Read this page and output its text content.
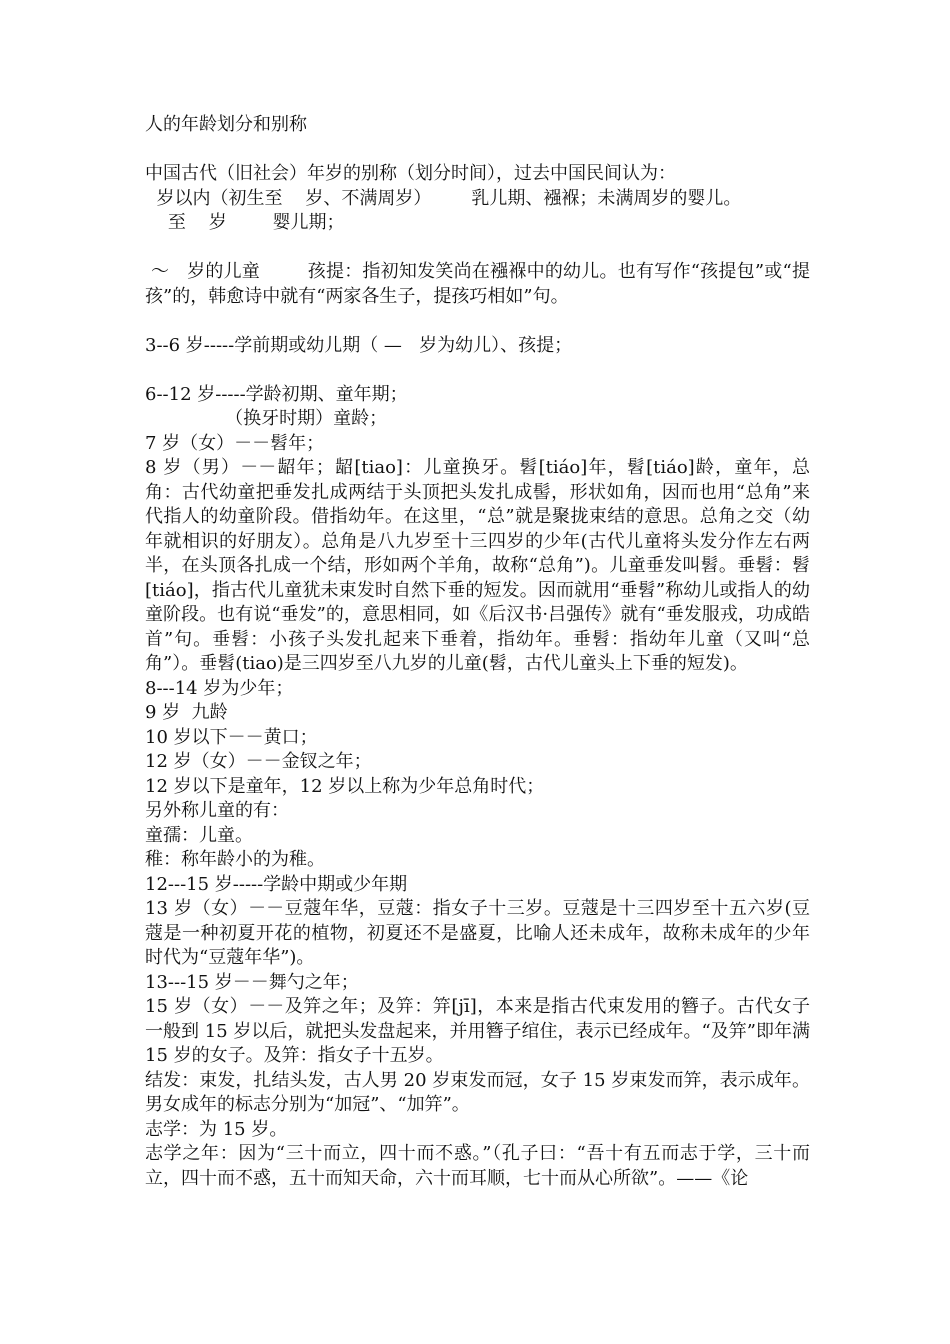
人的年龄划分和别称

中国古代（旧社会）年岁的别称（划分时间），过去中国民间认为：

岁以内（初生至    岁、不满周岁）       乳儿期、襁褓；未满周岁的婴儿。

至    岁        婴儿期；

～   岁的儿童        孩提：指初知发笑尚在襁褓中的幼儿。也有写作“孩提包”或“提孩”的，韩愈诗中就有“两家各生子，提孩巧相如”句。

3--6 岁-----学前期或幼儿期（ —   岁为幼儿）、孩提；

6--12 岁-----学龄初期、童年期；

（换牙时期）童龄；

7 岁（女）－－髫年；

8 岁（男）－－龆年；龆[tiao]：儿童换牙。髫[tiáo]年，髫[tiáo]龄，童年，总角：古代幼童把垂发扎成两结于头顶把头发扎成髻，形状如角，因而也用“总角”来代指人的幼童阶段。借指幼年。在这里，“总”就是聚拢束结的意思。总角之交（幼年就相识的好朋友）。总角是八九岁至十三四岁的少年(古代儿童将头发分作左右两半，在头顶各扎成一个结，形如两个羊角，故称“总角”)。儿童垂发叫髫。垂髫：髫[tiáo]，指古代儿童犹未束发时自然下垂的短发。因而就用“垂髫”称幼儿或指人的幼童阶段。也有说“垂发”的，意思相同，如《后汉书·吕强传》就有“垂发服戎，功成皓首”句。垂髫：小孩子头发扎起来下垂着，指幼年。垂髫：指幼年儿童（又叫“总角”）。垂髫(tiao)是三四岁至八九岁的儿童(髫，古代儿童头上下垂的短发)。

8---14 岁为少年；

9 岁  九龄

10 岁以下－－黄口；

12 岁（女）－－金钗之年；

12 岁以下是童年，12 岁以上称为少年总角时代；

另外称儿童的有：

童孺：儿童。

稚：称年龄小的为稚。

12---15 岁-----学龄中期或少年期

13 岁（女）－－豆蔻年华，豆蔻：指女子十三岁。豆蔻是十三四岁至十五六岁(豆蔻是一种初夏开花的植物，初夏还不是盛夏，比喻人还未成年，故称未成年的少年时代为“豆蔻年华”)。

13---15 岁－－舞勺之年；

15 岁（女）－－及笄之年；及笄：笄[jī]，本来是指古代束发用的簪子。古代女子一般到 15 岁以后，就把头发盘起来，并用簪子绾住，表示已经成年。“及笄”即年满 15 岁的女子。及笄：指女子十五岁。

结发：束发，扎结头发，古人男 20 岁束发而冠，女子 15 岁束发而笄，表示成年。男女成年的标志分别为“加冠”、“加笄”。

志学：为 15 岁。

志学之年：因为“三十而立，四十而不惑。”（孔子曰：“吾十有五而志于学，三十而立，四十而不惑，五十而知天命，六十而耳顺，七十而从心所欲”。——《论
